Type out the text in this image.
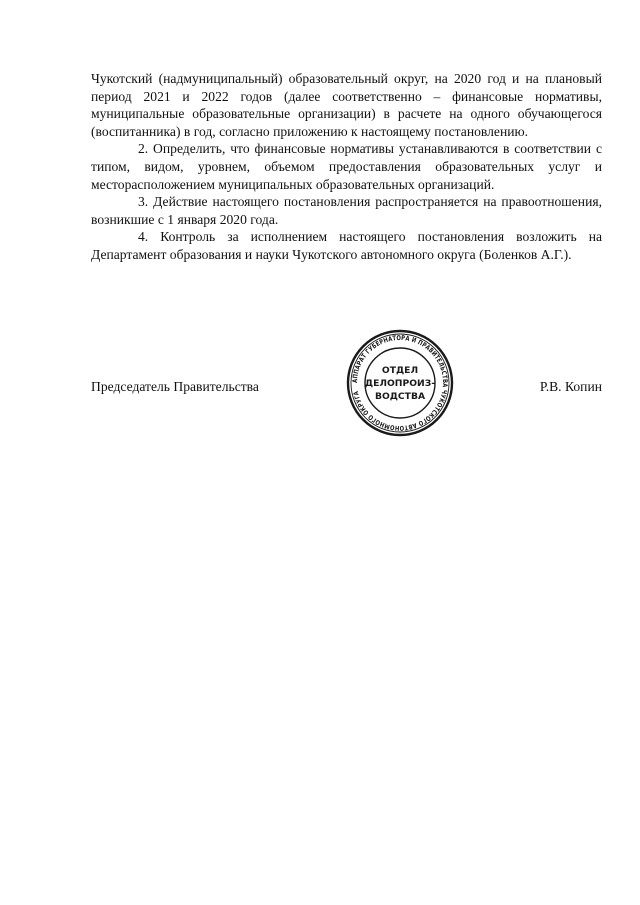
Чукотский (надмуниципальный) образовательный округ, на 2020 год и на плановый период 2021 и 2022 годов (далее соответственно – финансовые нормативы, муниципальные образовательные организации) в расчете на одного обучающегося (воспитанника) в год, согласно приложению к настоящему постановлению.

2. Определить, что финансовые нормативы устанавливаются в соответствии с типом, видом, уровнем, объемом предоставления образовательных услуг и месторасположением муниципальных образовательных организаций.

3. Действие настоящего постановления распространяется на правоотношения, возникшие с 1 января 2020 года.

4. Контроль за исполнением настоящего постановления возложить на Департамент образования и науки Чукотского автономного округа (Боленков А.Г.).

Председатель Правительства	АППАРАТ ГУБЕРНАТОРА И ПРАВИТЕЛЬСТВА ЧУКОТСКОГО АВТОНОМНОГО ОКРУГА
ОТДЕЛ
ДЕЛОПРОИЗ-
ВОДСТВА
Р.В. Копин
